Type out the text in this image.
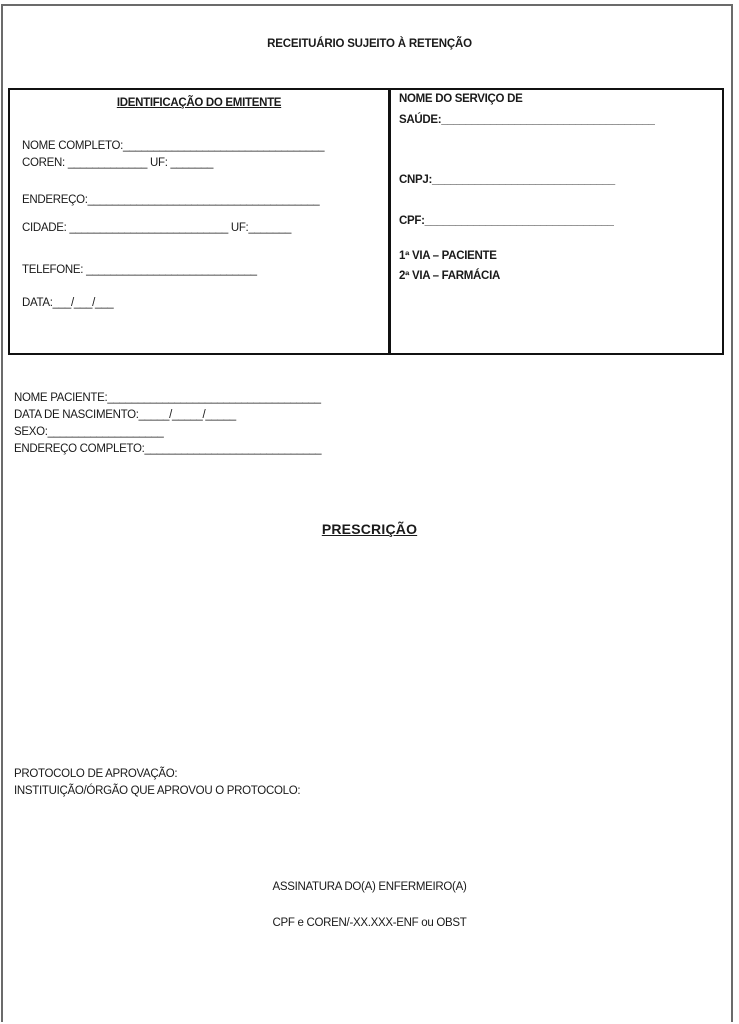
RECEITUÁRIO SUJEITO À RETENÇÃO
IDENTIFICAÇÃO DO EMITENTE
NOME COMPLETO:_________________________________
COREN: _____________ UF: _______
ENDEREÇO:______________________________________
CIDADE: __________________________ UF:_______
TELEFONE: ____________________________
DATA:___/___/___
NOME DO SERVIÇO DE
SAÚDE:___________________________________
CNPJ:______________________________
CPF:_______________________________
1ª VIA – PACIENTE
2ª VIA – FARMÁCIA
NOME PACIENTE:___________________________________
DATA DE NASCIMENTO:_____/_____/_____
SEXO:___________________
ENDEREÇO COMPLETO:_____________________________
PRESCRIÇÃO
PROTOCOLO DE APROVAÇÃO:
INSTITUIÇÃO/ÓRGÃO QUE APROVOU O PROTOCOLO:
ASSINATURA DO(A) ENFERMEIRO(A)
CPF e COREN/-XX.XXX-ENF ou OBST
